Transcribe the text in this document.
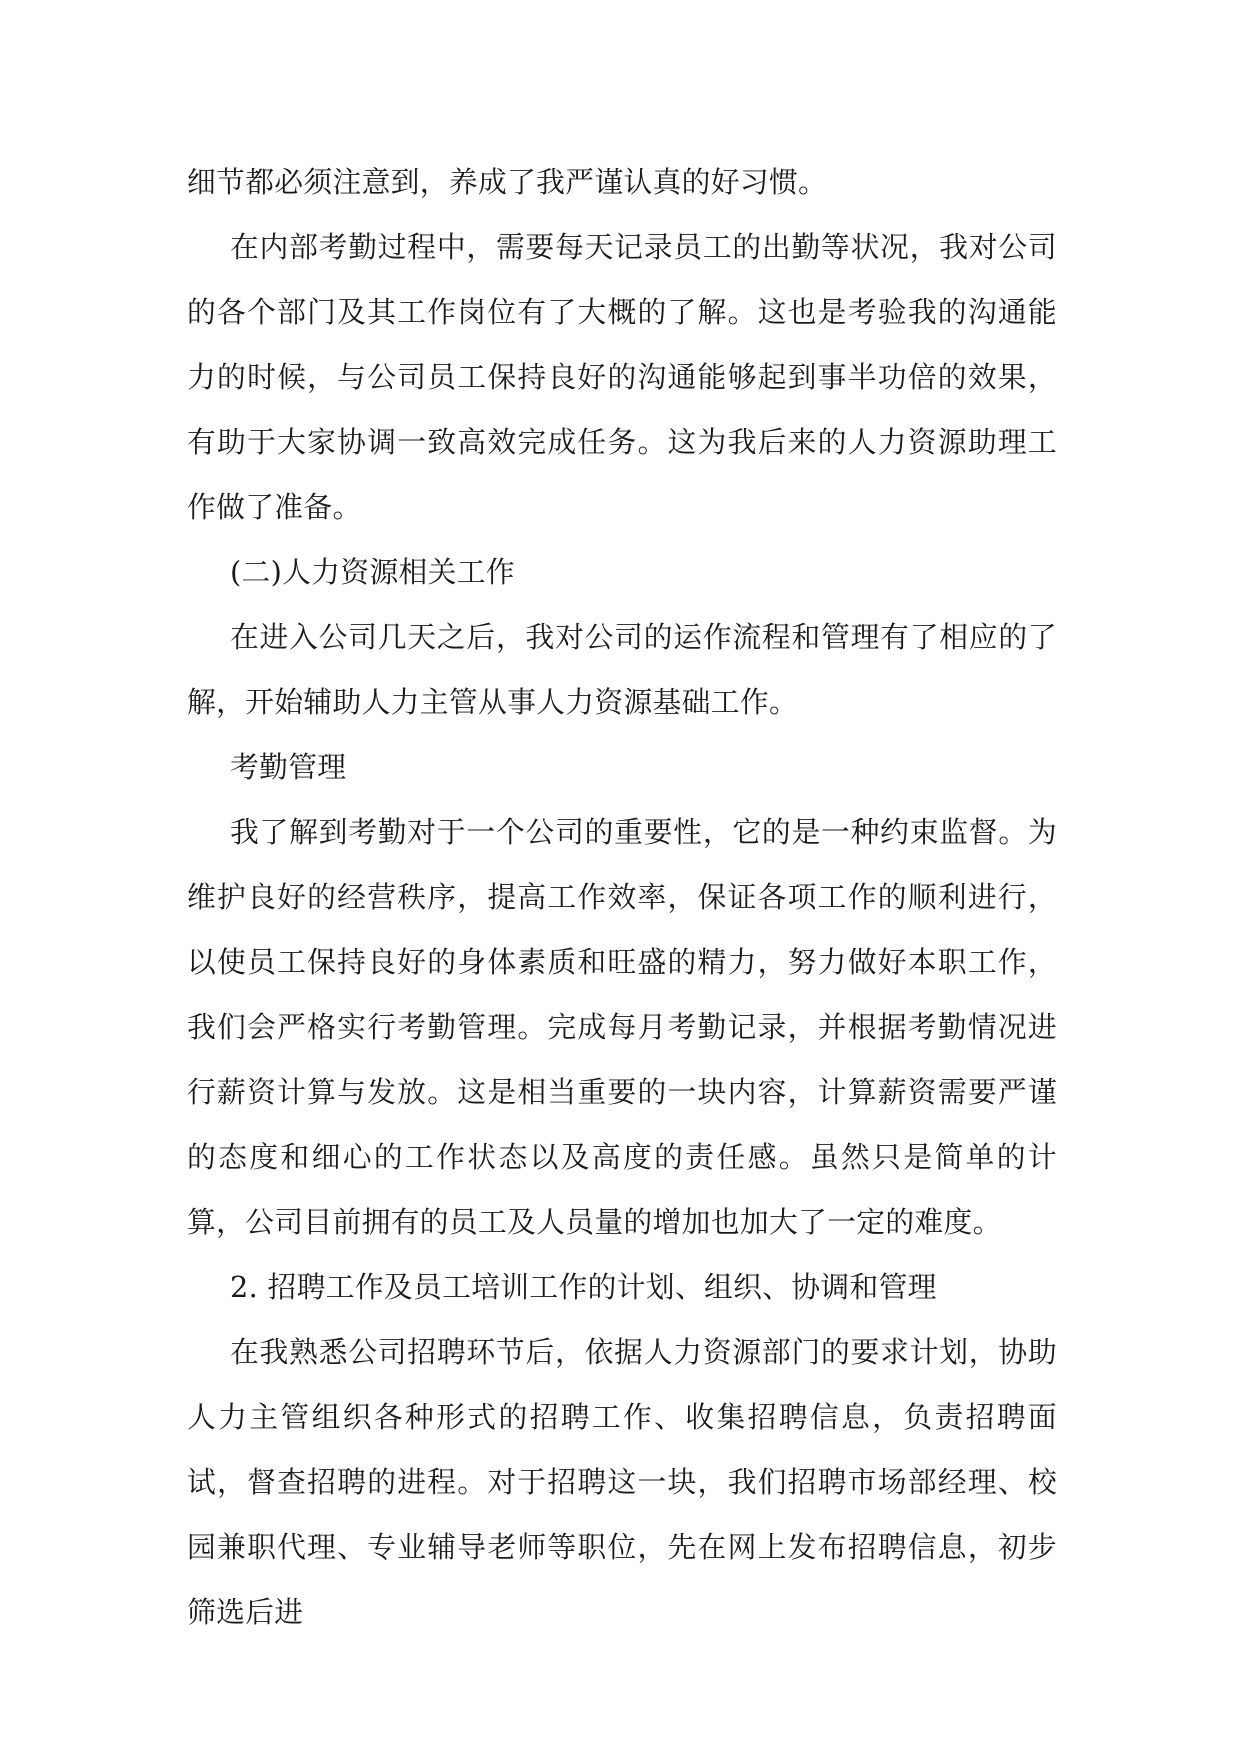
细节都必须注意到，养成了我严谨认真的好习惯。

在内部考勤过程中，需要每天记录员工的出勤等状况，我对公司的各个部门及其工作岗位有了大概的了解。这也是考验我的沟通能力的时候，与公司员工保持良好的沟通能够起到事半功倍的效果，有助于大家协调一致高效完成任务。这为我后来的人力资源助理工作做了准备。

(二)人力资源相关工作

在进入公司几天之后，我对公司的运作流程和管理有了相应的了解，开始辅助人力主管从事人力资源基础工作。

考勤管理

我了解到考勤对于一个公司的重要性，它的是一种约束监督。为维护良好的经营秩序，提高工作效率，保证各项工作的顺利进行，以使员工保持良好的身体素质和旺盛的精力，努力做好本职工作，我们会严格实行考勤管理。完成每月考勤记录，并根据考勤情况进行薪资计算与发放。这是相当重要的一块内容，计算薪资需要严谨的态度和细心的工作状态以及高度的责任感。虽然只是简单的计算，公司目前拥有的员工及人员量的增加也加大了一定的难度。

2. 招聘工作及员工培训工作的计划、组织、协调和管理

在我熟悉公司招聘环节后，依据人力资源部门的要求计划，协助人力主管组织各种形式的招聘工作、收集招聘信息，负责招聘面试，督查招聘的进程。对于招聘这一块，我们招聘市场部经理、校园兼职代理、专业辅导老师等职位，先在网上发布招聘信息，初步筛选后进
